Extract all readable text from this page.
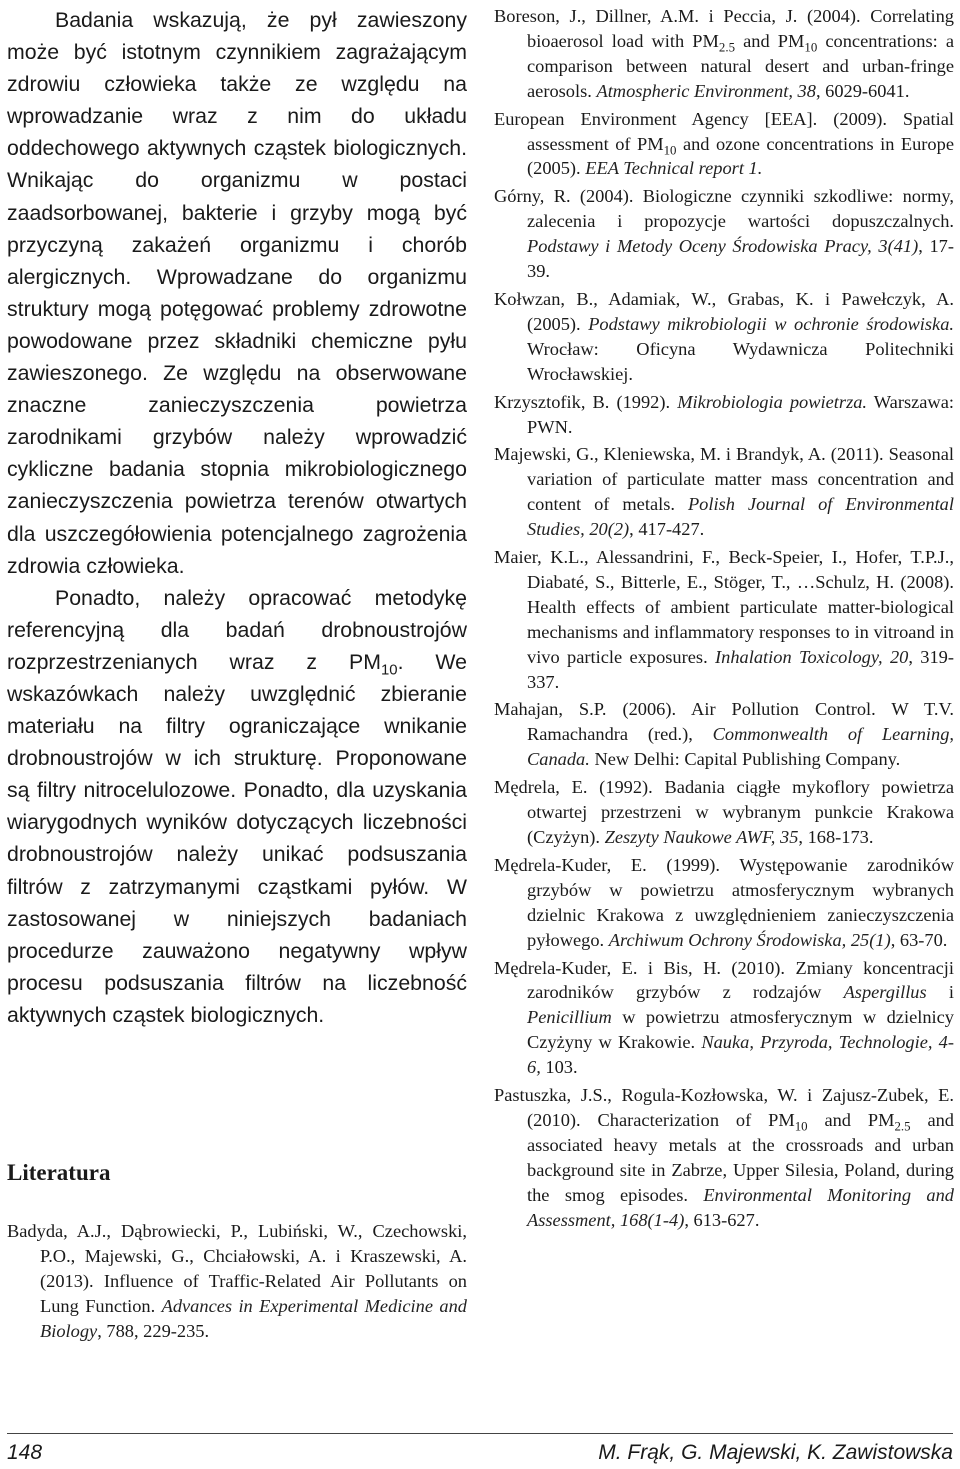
Badania wskazują, że pył zawieszony może być istotnym czynnikiem zagrażającym zdrowiu człowieka także ze względu na wprowadzanie wraz z nim do układu oddechowego aktywnych cząstek biologicznych. Wnikając do organizmu w postaci zaadsorbowanej, bakterie i grzyby mogą być przyczyną zakażeń organizmu i chorób alergicznych. Wprowadzane do organizmu struktury mogą potęgować problemy zdrowotne powodowane przez składniki chemiczne pyłu zawieszonego. Ze względu na obserwowane znaczne zanieczyszczenia powietrza zarodnikami grzybów należy wprowadzić cykliczne badania stopnia mikrobiologicznego zanieczyszczenia powietrza terenów otwartych dla uszczegółowienia potencjalnego zagrożenia zdrowia człowieka.

Ponadto, należy opracować metodykę referencyjną dla badań drobnoustrojów rozprzestrzenianych wraz z $PM_{10}$. We wskazówkach należy uwzględnić zbieranie materiału na filtry ograniczające wnikanie drobnoustrojów w ich strukturę. Proponowane są filtry nitrocelulozowe. Ponadto, dla uzyskania wiarygodnych wyników dotyczących liczebności drobnoustrojów należy unikać podsuszania filtrów z zatrzymanymi cząstkami pyłów. W zastosowanej w niniejszych badaniach procedurze zauważono negatywny wpływ procesu podsuszania filtrów na liczebność aktywnych cząstek biologicznych.

Literatura

Badyda, A.J., Dąbrowiecki, P., Lubiński, W., Czechowski, P.O., Majewski, G., Chciałowski, A. i Kraszewski, A. (2013). Influence of Traffic-Related Air Pollutants on Lung Function. Advances in Experimental Medicine and Biology, 788, 229-235.

Boreson, J., Dillner, A.M. i Peccia, J. (2004). Correlating bioaerosol load with $PM_{2.5}$ and $PM_{10}$ concentrations: a comparison between natural desert and urban-fringe aerosols. Atmospheric Environment, 38, 6029-6041.

European Environment Agency [EEA]. (2009). Spatial assessment of $PM_{10}$ and ozone concentrations in Europe (2005). EEA Technical report 1.

Górny, R. (2004). Biologiczne czynniki szkodliwe: normy, zalecenia i propozycje wartości dopuszczalnych. Podstawy i Metody Oceny Środowiska Pracy, 3(41), 17-39.

Kołwzan, B., Adamiak, W., Grabas, K. i Pawełczyk, A. (2005). Podstawy mikrobiologii w ochronie środowiska. Wrocław: Oficyna Wydawnicza Politechniki Wrocławskiej.

Krzysztofik, B. (1992). Mikrobiologia powietrza. Warszawa: PWN.

Majewski, G., Kleniewska, M. i Brandyk, A. (2011). Seasonal variation of particulate matter mass concentration and content of metals. Polish Journal of Environmental Studies, 20(2), 417-427.

Maier, K.L., Alessandrini, F., Beck-Speier, I., Hofer, T.P.J., Diabaté, S., Bitterle, E., Stöger, T., …Schulz, H. (2008). Health effects of ambient particulate matter-biological mechanisms and inflammatory responses to in vitroand in vivo particle exposures. Inhalation Toxicology, 20, 319-337.

Mahajan, S.P. (2006). Air Pollution Control. W T.V. Ramachandra (red.), Commonwealth of Learning, Canada. New Delhi: Capital Publishing Company.

Mędrela, E. (1992). Badania ciągłe mykoflory powietrza otwartej przestrzeni w wybranym punkcie Krakowa (Czyżyn). Zeszyty Naukowe AWF, 35, 168-173.

Mędrela-Kuder, E. (1999). Występowanie zarodników grzybów w powietrzu atmosferycznym wybranych dzielnic Krakowa z uwzględnieniem zanieczyszczenia pyłowego. Archiwum Ochrony Środowiska, 25(1), 63-70.

Mędrela-Kuder, E. i Bis, H. (2010). Zmiany koncentracji zarodników grzybów z rodzajów Aspergillus i Penicillium w powietrzu atmosferycznym w dzielnicy Czyżyny w Krakowie. Nauka, Przyroda, Technologie, 4-6, 103.

Pastuszka, J.S., Rogula-Kozłowska, W. i Zajusz-Zubek, E. (2010). Characterization of $PM_{10}$ and $PM_{2.5}$ and associated heavy metals at the crossroads and urban background site in Zabrze, Upper Silesia, Poland, during the smog episodes. Environmental Monitoring and Assessment, 168(1-4), 613-627.

148	M. Frąk, G. Majewski, K. Zawistowska
